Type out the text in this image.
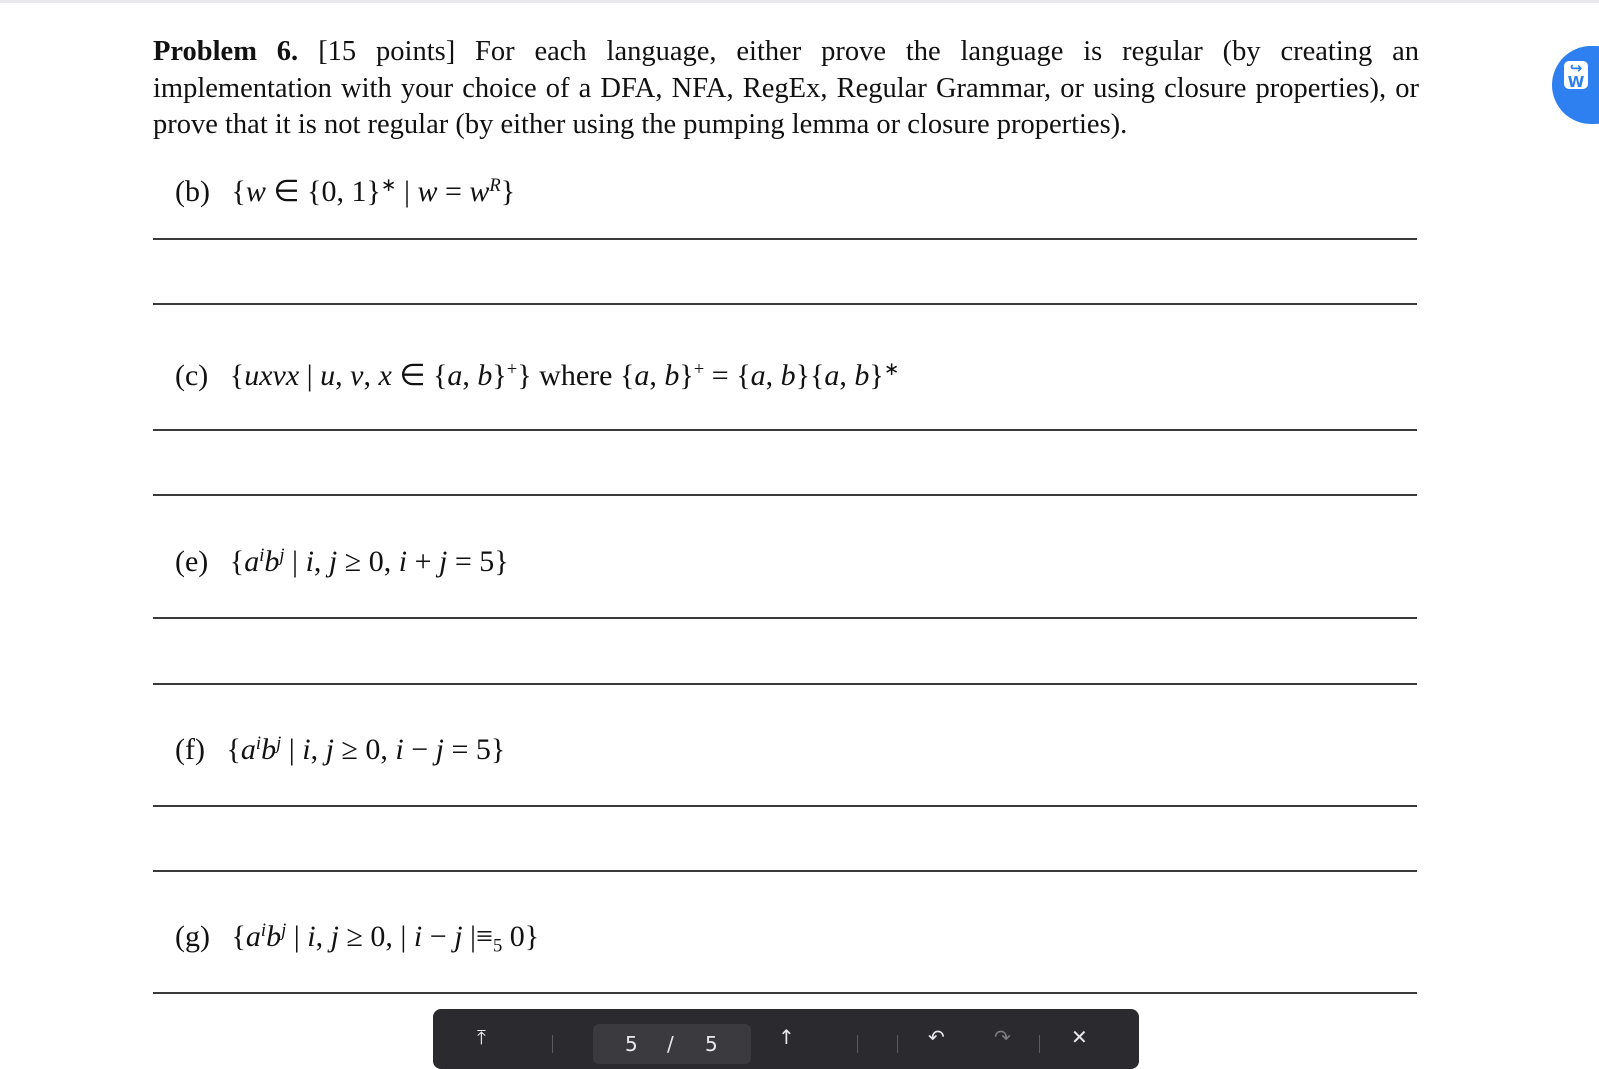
Problem 6. [15 points] For each language, either prove the language is regular (by creating an implementation with your choice of a DFA, NFA, RegEx, Regular Grammar, or using closure properties), or prove that it is not regular (by either using the pumping lemma or closure properties).

(b) {w ∈ {0, 1}∗ | $w = w^R$}
(c) {uxvx | u, v, x ∈ {a, b}+} where {a, b}+ = {a, b}{a, b}∗
(e) {$a^ib^j$ | i, j ≥ 0, i + j = 5}
(f) {$a^ib^j$ | i, j ≥ 0, i − j = 5}
(g) {$a^ib^j$ | i, j ≥ 0, | i − j $|\equiv_5$ 0}
↪
W
⤒	5 / 5	↑	↶ ↷	✕
